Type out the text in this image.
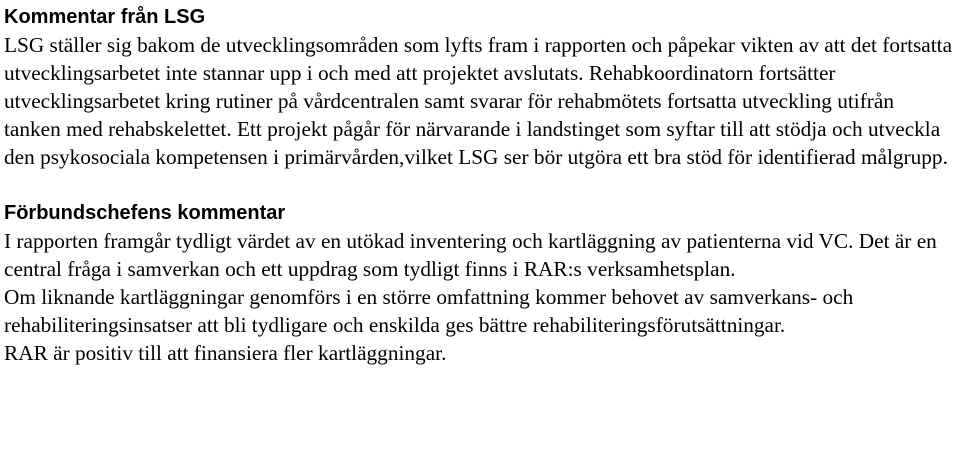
Kommentar från LSG

LSG ställer sig bakom de utvecklingsområden som lyfts fram i rapporten och påpekar vikten av att det fortsatta utvecklingsarbetet inte stannar upp i och med att projektet avslutats. Rehabkoordinatorn fortsätter utvecklingsarbetet kring rutiner på vårdcentralen samt svarar för rehabmötets fortsatta utveckling utifrån tanken med rehabskelettet. Ett projekt pågår för närvarande i landstinget som syftar till att stödja och utveckla den psykosociala kompetensen i primärvården,vilket LSG ser bör utgöra ett bra stöd för identifierad målgrupp.

Förbundschefens kommentar

I rapporten framgår tydligt värdet av en utökad inventering och kartläggning av patienterna vid VC. Det är en central fråga i samverkan och ett uppdrag som tydligt finns i RAR:s verksamhetsplan.

Om liknande kartläggningar genomförs i en större omfattning kommer behovet av samverkans- och rehabiliteringsinsatser att bli tydligare och enskilda ges bättre rehabiliteringsförutsättningar.

RAR är positiv till att finansiera fler kartläggningar.
